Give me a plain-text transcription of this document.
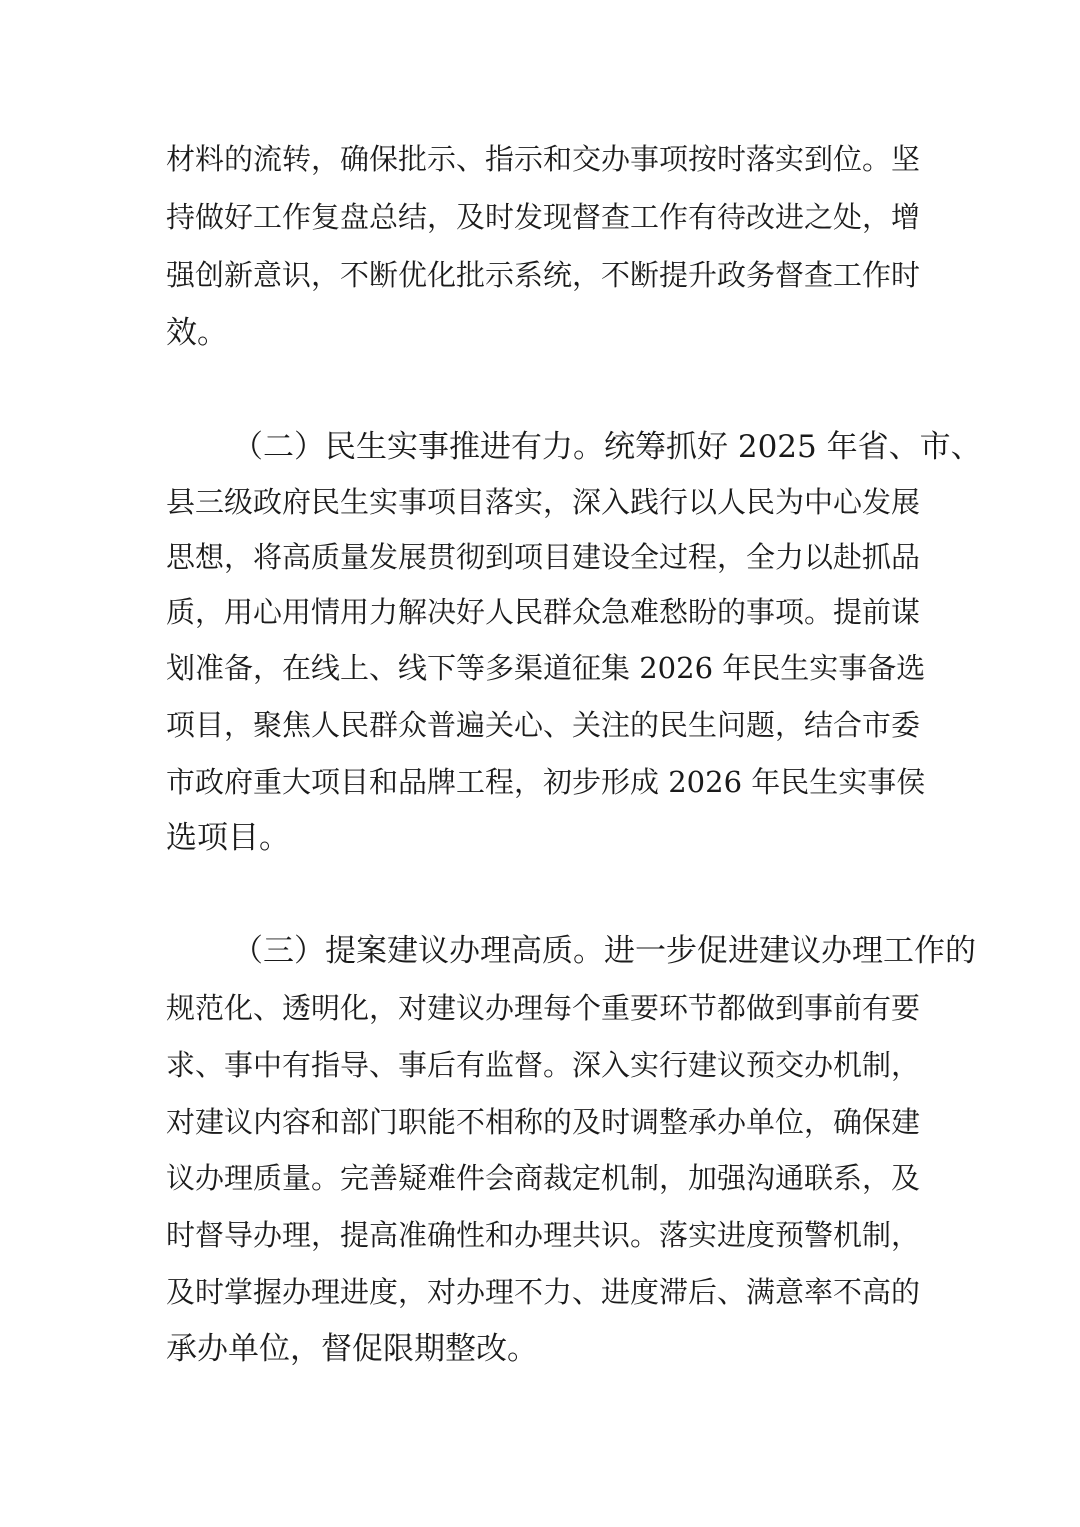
材料的流转，确保批示、指示和交办事项按时落实到位。坚
持做好工作复盘总结，及时发现督查工作有待改进之处，增
强创新意识，不断优化批示系统，不断提升政务督查工作时
效。
（二）民生实事推进有力。统筹抓好 2025 年省、市、
县三级政府民生实事项目落实，深入践行以人民为中心发展
思想，将高质量发展贯彻到项目建设全过程，全力以赴抓品
质，用心用情用力解决好人民群众急难愁盼的事项。提前谋
划准备，在线上、线下等多渠道征集 2026 年民生实事备选
项目，聚焦人民群众普遍关心、关注的民生问题，结合市委
市政府重大项目和品牌工程，初步形成 2026 年民生实事侯
选项目。
（三）提案建议办理高质。进一步促进建议办理工作的
规范化、透明化，对建议办理每个重要环节都做到事前有要
求、事中有指导、事后有监督。深入实行建议预交办机制，
对建议内容和部门职能不相称的及时调整承办单位，确保建
议办理质量。完善疑难件会商裁定机制，加强沟通联系，及
时督导办理，提高准确性和办理共识。落实进度预警机制，
及时掌握办理进度，对办理不力、进度滞后、满意率不高的
承办单位，督促限期整改。
